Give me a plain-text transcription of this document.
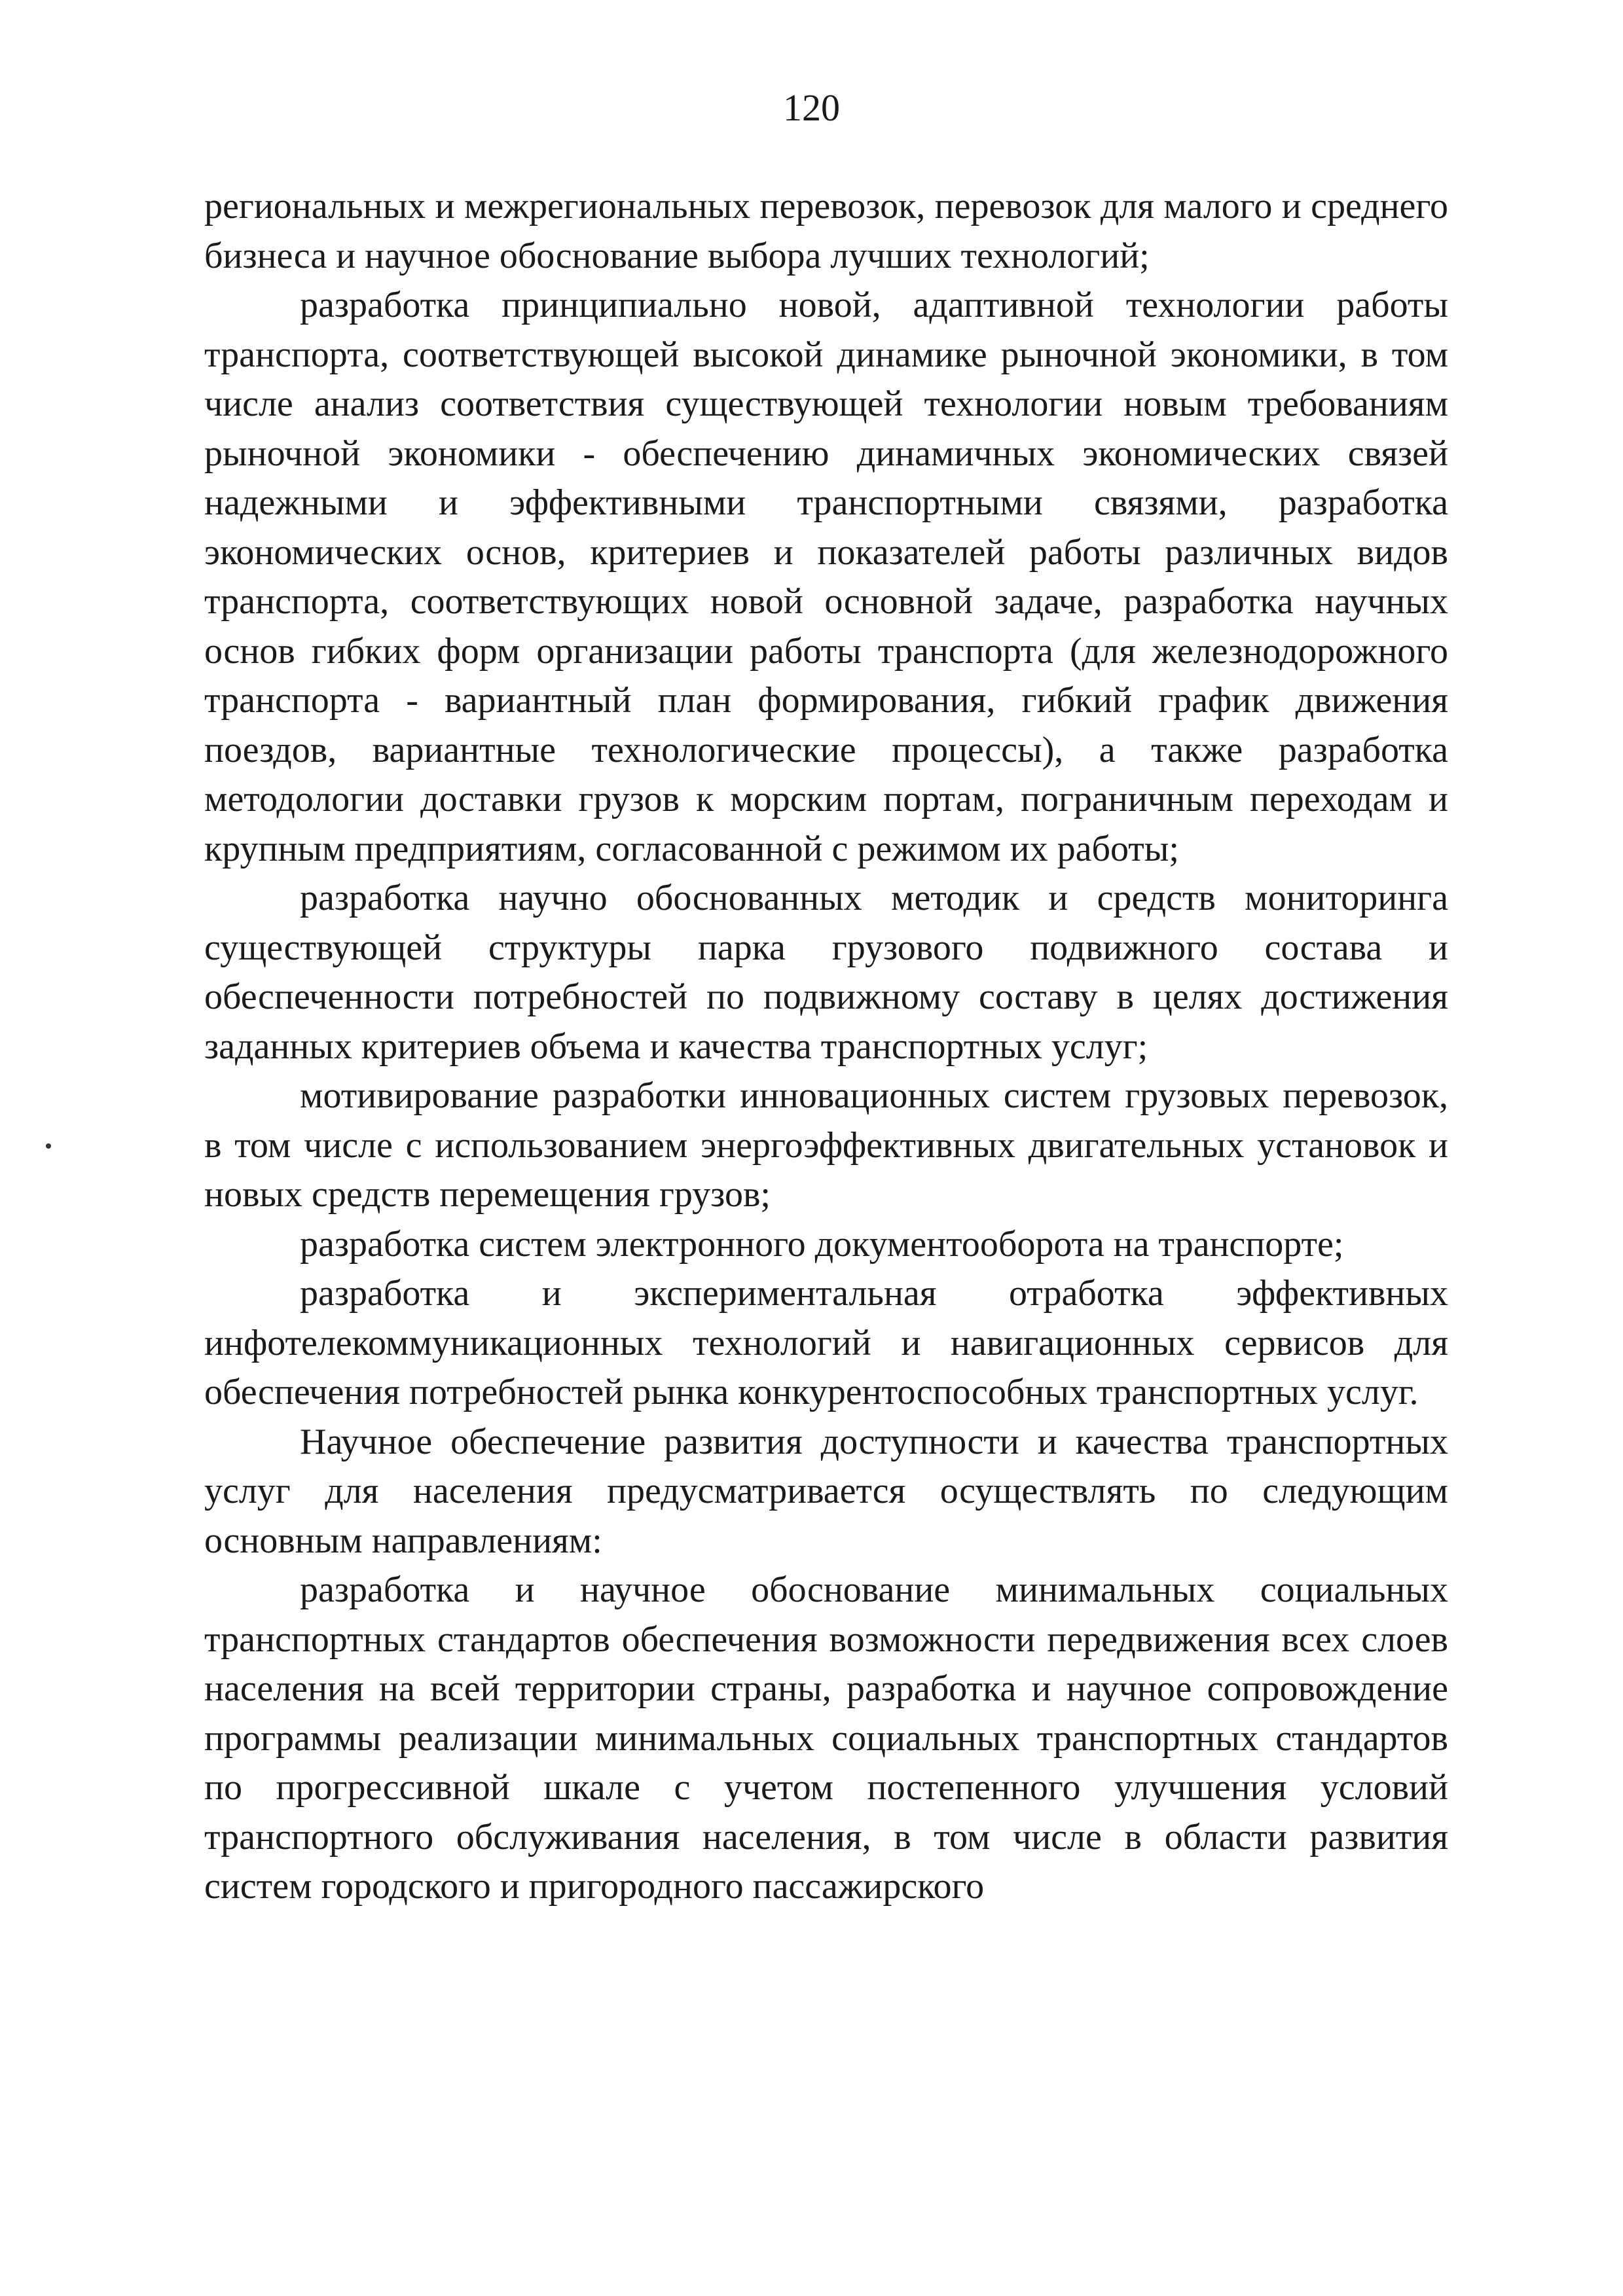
120

региональных и межрегиональных перевозок, перевозок для малого и среднего бизнеса и научное обоснование выбора лучших технологий;

разработка принципиально новой, адаптивной технологии работы транспорта, соответствующей высокой динамике рыночной экономики, в том числе анализ соответствия существующей технологии новым требованиям рыночной экономики - обеспечению динамичных экономических связей надежными и эффективными транспортными связями, разработка экономических основ, критериев и показателей работы различных видов транспорта, соответствующих новой основной задаче, разработка научных основ гибких форм организации работы транспорта (для железнодорожного транспорта - вариантный план формирования, гибкий график движения поездов, вариантные технологические процессы), а также разработка методологии доставки грузов к морским портам, пограничным переходам и крупным предприятиям, согласованной с режимом их работы;

разработка научно обоснованных методик и средств мониторинга существующей структуры парка грузового подвижного состава и обеспеченности потребностей по подвижному составу в целях достижения заданных критериев объема и качества транспортных услуг;

мотивирование разработки инновационных систем грузовых перевозок, в том числе с использованием энергоэффективных двигательных установок и новых средств перемещения грузов;

разработка систем электронного документооборота на транспорте;

разработка и экспериментальная отработка эффективных инфотелекоммуникационных технологий и навигационных сервисов для обеспечения потребностей рынка конкурентоспособных транспортных услуг.

Научное обеспечение развития доступности и качества транспортных услуг для населения предусматривается осуществлять по следующим основным направлениям:

разработка и научное обоснование минимальных социальных транспортных стандартов обеспечения возможности передвижения всех слоев населения на всей территории страны, разработка и научное сопровождение программы реализации минимальных социальных транспортных стандартов по прогрессивной шкале с учетом постепенного улучшения условий транспортного обслуживания населения, в том числе в области развития систем городского и пригородного пассажирского
